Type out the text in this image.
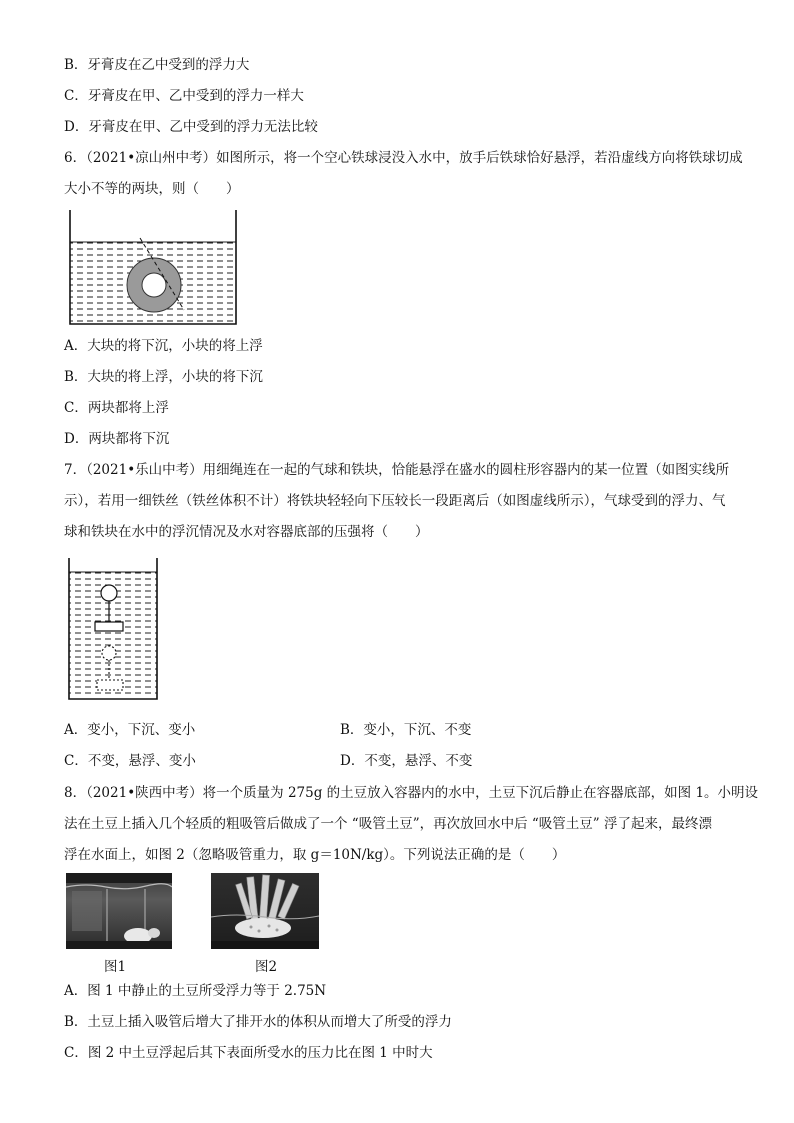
B．牙膏皮在乙中受到的浮力大
C．牙膏皮在甲、乙中受到的浮力一样大
D．牙膏皮在甲、乙中受到的浮力无法比较
6．（2021•凉山州中考）如图所示，将一个空心铁球浸没入水中，放手后铁球恰好悬浮，若沿虚线方向将铁球切成
大小不等的两块，则（　　）
A．大块的将下沉，小块的将上浮
B．大块的将上浮，小块的将下沉
C．两块都将上浮
D．两块都将下沉
7．（2021•乐山中考）用细绳连在一起的气球和铁块，恰能悬浮在盛水的圆柱形容器内的某一位置（如图实线所
示），若用一细铁丝（铁丝体积不计）将铁块轻轻向下压较长一段距离后（如图虚线所示），气球受到的浮力、气
球和铁块在水中的浮沉情况及水对容器底部的压强将（　　）
A．变小，下沉、变小	B．变小，下沉、不变
C．不变，悬浮、变小	D．不变，悬浮、不变
8．（2021•陕西中考）将一个质量为 275g 的土豆放入容器内的水中，土豆下沉后静止在容器底部，如图 1。小明设
法在土豆上插入几个轻质的粗吸管后做成了一个 “吸管土豆”，再次放回水中后 “吸管土豆” 浮了起来，最终漂
浮在水面上，如图 2（忽略吸管重力，取 g＝10N/kg）。下列说法正确的是（　　）
图1	图2
A．图 1 中静止的土豆所受浮力等于 2.75N
B．土豆上插入吸管后增大了排开水的体积从而增大了所受的浮力
C．图 2 中土豆浮起后其下表面所受水的压力比在图 1 中时大
